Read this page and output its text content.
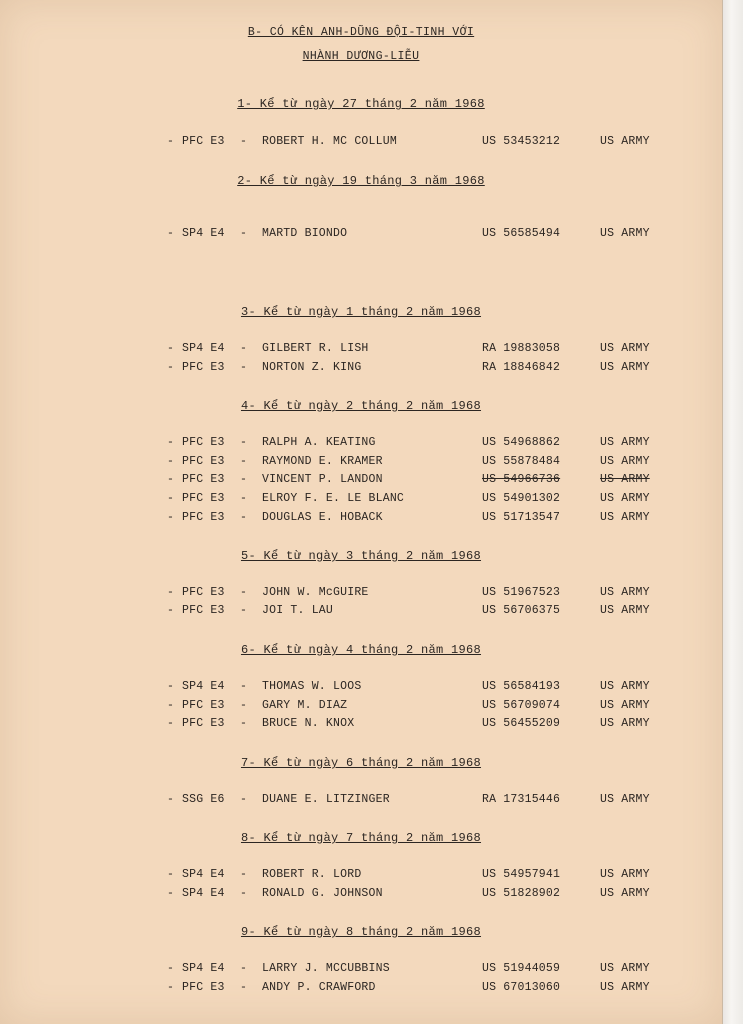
B- CÓ KÊN ANH-DŨNG ĐỘI-TINH VỚI
NHÀNH DƯƠNG-LIỄU
1- Kể từ ngày 27 tháng 2 năm 1968
- PFC E3 - ROBERT H. MC COLLUM	US 53453212	US ARMY
2- Kể từ ngày 19 tháng 3 năm 1968
- SP4 E4 - MARTD BIONDO	US 56585494	US ARMY
3- Kể từ ngày 1 tháng 2 năm 1968
- SP4 E4 - GILBERT R. LISH	RA 19883058	US ARMY
- PFC E3 - NORTON Z. KING	RA 18846842	US ARMY
4- Kể từ ngày 2 tháng 2 năm 1968
- PFC E3 - RALPH A. KEATING	US 54968862	US ARMY
- PFC E3 - RAYMOND E. KRAMER	US 55878484	US ARMY
- PFC E3 - VINCENT P. LANDON	US 54966736	US ARMY
- PFC E3 - ELROY F. E. LE BLANC	US 54901302	US ARMY
- PFC E3 - DOUGLAS E. HOBACK	US 51713547	US ARMY
5- Kể từ ngày 3 tháng 2 năm 1968
- PFC E3 - JOHN W. McGUIRE	US 51967523	US ARMY
- PFC E3 - JOI T. LAU	US 56706375	US ARMY
6- Kể từ ngày 4 tháng 2 năm 1968
- SP4 E4 - THOMAS W. LOOS	US 56584193	US ARMY
- PFC E3 - GARY M. DIAZ	US 56709074	US ARMY
- PFC E3 - BRUCE N. KNOX	US 56455209	US ARMY
7- Kể từ ngày 6 tháng 2 năm 1968
- SSG E6 - DUANE E. LITZINGER	RA 17315446	US ARMY
8- Kể từ ngày 7 tháng 2 năm 1968
- SP4 E4 - ROBERT R. LORD	US 54957941	US ARMY
- SP4 E4 - RONALD G. JOHNSON	US 51828902	US ARMY
9- Kể từ ngày 8 tháng 2 năm 1968
- SP4 E4 - LARRY J. MCCUBBINS	US 51944059	US ARMY
- PFC E3 - ANDY P. CRAWFORD	US 67013060	US ARMY
